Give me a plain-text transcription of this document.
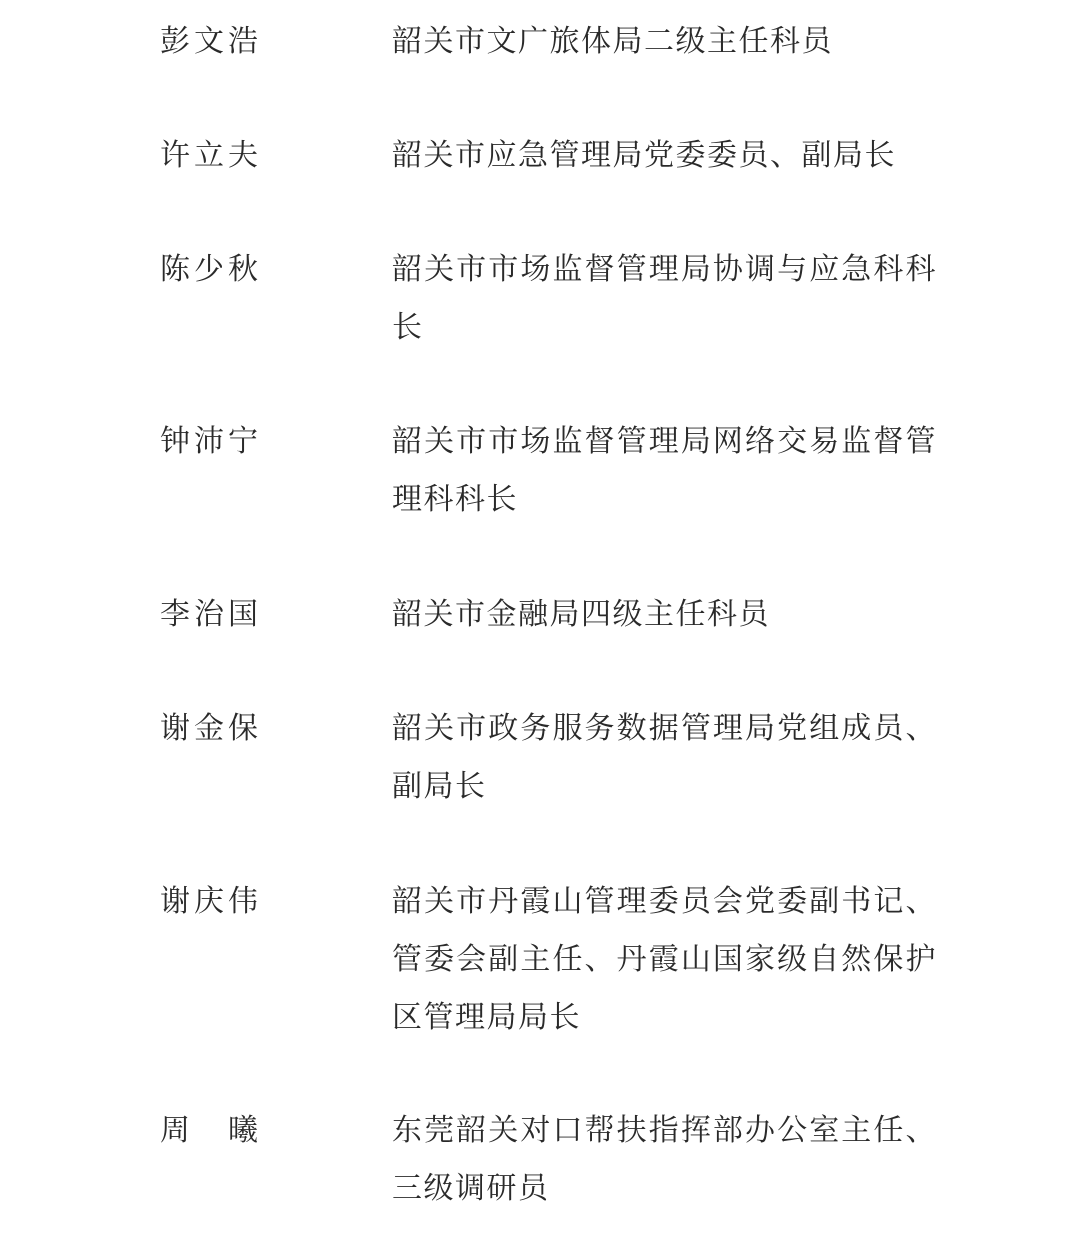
彭文浩	韶关市文广旅体局二级主任科员
许立夫	韶关市应急管理局党委委员、副局长
陈少秋	韶关市市场监督管理局协调与应急科科长
钟沛宁	韶关市市场监督管理局网络交易监督管理科科长
李治国	韶关市金融局四级主任科员
谢金保	韶关市政务服务数据管理局党组成员、副局长
谢庆伟	韶关市丹霞山管理委员会党委副书记、管委会副主任、丹霞山国家级自然保护区管理局局长
周　曦	东莞韶关对口帮扶指挥部办公室主任、三级调研员
